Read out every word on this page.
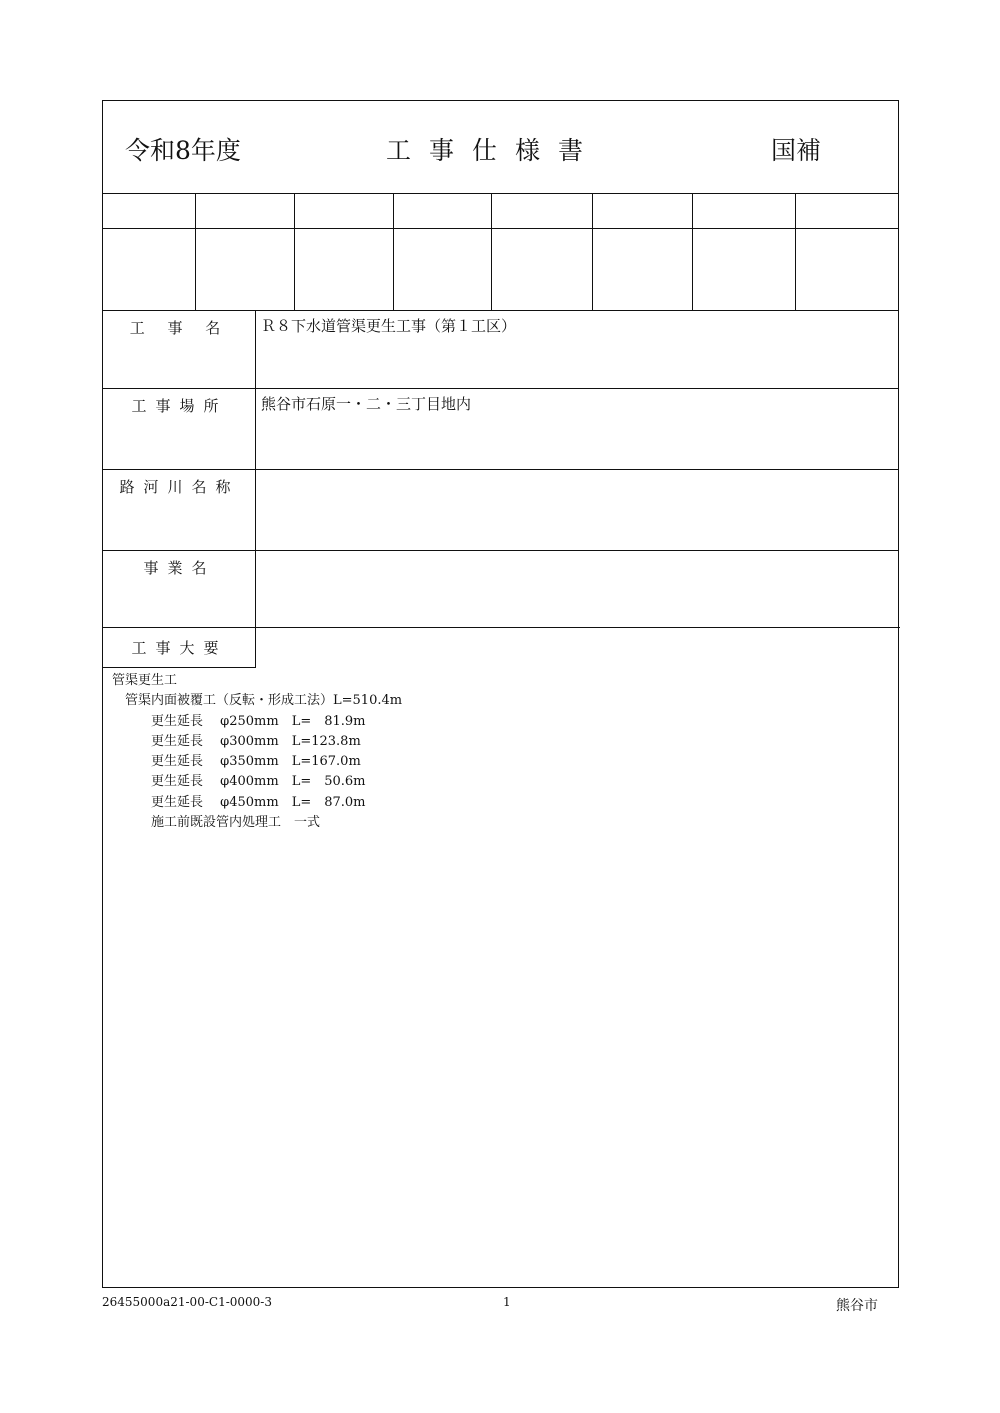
令和8年度	工事仕様書	国補
工 事 名	Ｒ８下水道管渠更生工事（第１工区）
工事場所	熊谷市石原一・二・三丁目地内
路河川名称
事業名
工事大要
管渠更生工
　管渠内面被覆工（反転・形成工法）L=510.4m
　　　更生延長　 φ250mm　L=　81.9m
　　　更生延長　 φ300mm　L=123.8m
　　　更生延長　 φ350mm　L=167.0m
　　　更生延長　 φ400mm　L=　50.6m
　　　更生延長　 φ450mm　L=　87.0m
　　　施工前既設管内処理工　一式
26455000a21-00-C1-0000-3	1	熊谷市
